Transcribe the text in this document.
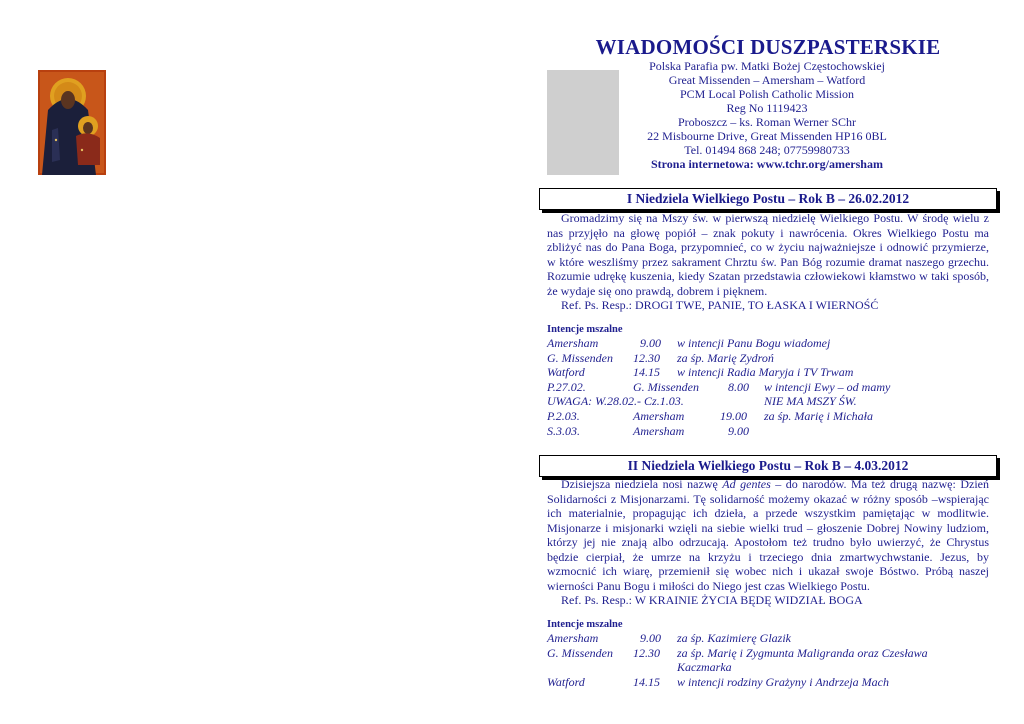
WIADOMOŚCI DUSZPASTERSKIE
Polska Parafia pw. Matki Bożej Częstochowskiej
Great Missenden – Amersham – Watford
PCM Local Polish Catholic Mission
Reg No 1119423
Proboszcz – ks. Roman Werner SChr
22 Misbourne Drive, Great Missenden HP16 0BL
Tel. 01494 868 248; 07759980733
Strona internetowa: www.tchr.org/amersham
I Niedziela Wielkiego Postu – Rok B – 26.02.2012

Gromadzimy się na Mszy św. w pierwszą niedzielę Wielkiego Postu. W środę wielu z nas przyjęło na głowę popiół – znak pokuty i nawrócenia. Okres Wielkiego Postu ma zbliżyć nas do Pana Boga, przypomnieć, co w życiu najważniejsze i odnowić przymierze, w które weszliśmy przez sakrament Chrztu św. Pan Bóg rozumie dramat naszego grzechu. Rozumie udrękę kuszenia, kiedy Szatan przedstawia człowiekowi kłamstwo w taki sposób, że wydaje się ono prawdą, dobrem i pięknem.

Ref. Ps. Resp.: DROGI TWE, PANIE, TO ŁASKA I WIERNOŚĆ
Intencje mszalne
Amersham	9.00 w intencji Panu Bogu wiadomej
G. Missenden 12.30 za śp. Marię Zydroń
Watford	14.15 w intencji Radia Maryja i TV Trwam
P.27.02.	G. Missenden 8.00 w intencji Ewy – od mamy
UWAGA: W.28.02.- Cz.1.03.	NIE MA MSZY ŚW.
P.2.03.	Amersham	19.00 za śp. Marię i Michała
S.3.03.	Amersham	9.00
II Niedziela Wielkiego Postu – Rok B – 4.03.2012

Dzisiejsza niedziela nosi nazwę Ad gentes – do narodów. Ma też drugą nazwę: Dzień Solidarności z Misjonarzami. Tę solidarność możemy okazać w różny sposób –wspierając ich materialnie, propagując ich dzieła, a przede wszystkim pamiętając w modlitwie. Misjonarze i misjonarki wzięli na siebie wielki trud – głoszenie Dobrej Nowiny ludziom, którzy jej nie znają albo odrzucają. Apostołom też trudno było uwierzyć, że Chrystus będzie cierpiał, że umrze na krzyżu i trzeciego dnia zmartwychwstanie. Jezus, by wzmocnić ich wiarę, przemienił się wobec nich i ukazał swoje Bóstwo. Próbą naszej wierności Panu Bogu i miłości do Niego jest czas Wielkiego Postu.

Ref. Ps. Resp.: W KRAINIE ŻYCIA BĘDĘ WIDZIAŁ BOGA
Intencje mszalne
Amersham	9.00 za śp. Kazimierę Glazik
G. Missenden 12.30 za śp. Marię i Zygmunta Maligranda oraz Czesława
Kaczmarka
Watford	14.15 w intencji rodziny Grażyny i Andrzeja Mach
